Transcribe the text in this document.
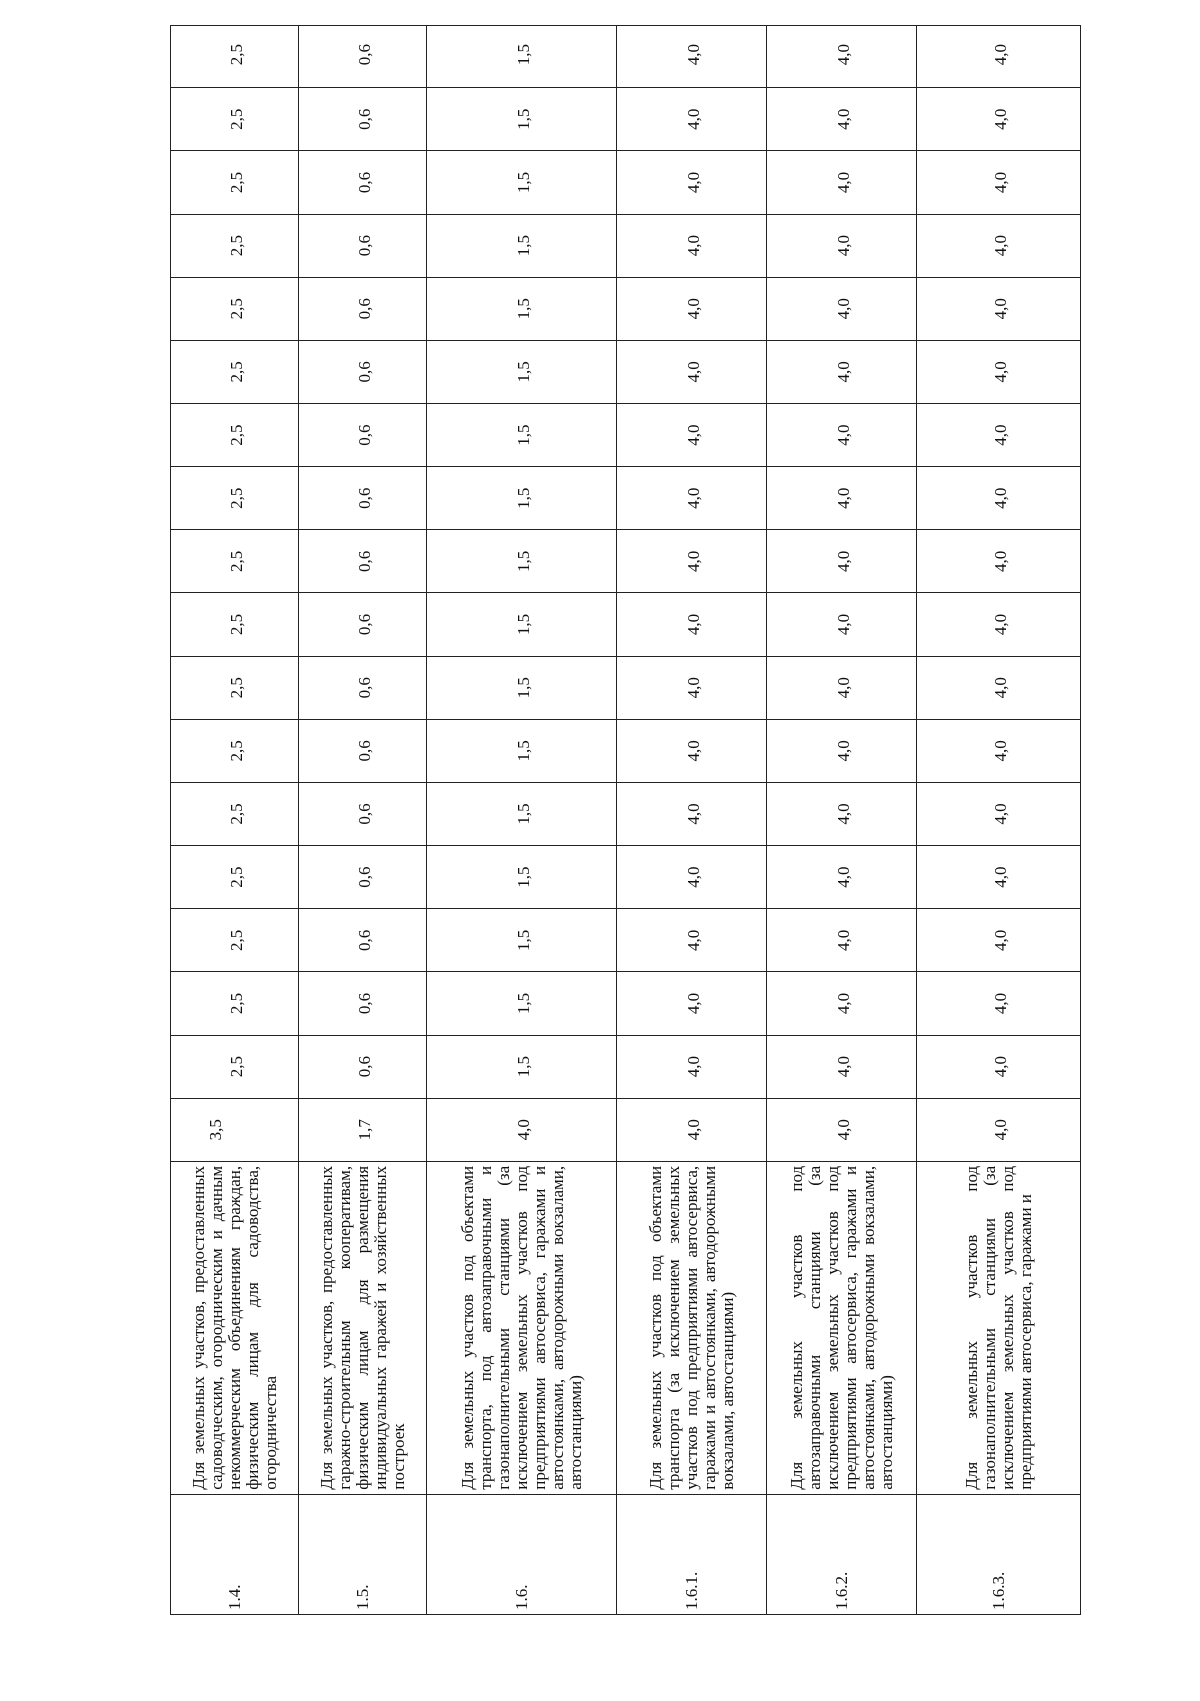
1.4.	Для земельных участков, предоставленных садоводческим, огородническим и дачным некоммерческим объединениям граждан, физическим лицам для садоводства, огородничества	3,5	2,5	2,5	2,5	2,5	2,5	2,5	2,5	2,5	2,5	2,5	2,5	2,5	2,5	2,5	2,5	2,5	2,5
1.5.	Для земельных участков, предоставленных гаражно-строительным кооперативам, физическим лицам для размещения индивидуальных гаражей и хозяйственных построек	1,7	0,6	0,6	0,6	0,6	0,6	0,6	0,6	0,6	0,6	0,6	0,6	0,6	0,6	0,6	0,6	0,6	0,6
1.6.	Для земельных участков под объектами транспорта, под автозаправочными и газонаполнительными станциями (за исключением земельных участков под предприятиями автосервиса, гаражами и автостоянками, автодорожными вокзалами, автостанциями)	4,0	1,5	1,5	1,5	1,5	1,5	1,5	1,5	1,5	1,5	1,5	1,5	1,5	1,5	1,5	1,5	1,5	1,5
1.6.1.	Для земельных участков под объектами транспорта (за исключением земельных участков под предприятиями автосервиса, гаражами и автостоянками, автодорожными вокзалами, автостанциями)	4,0	4,0	4,0	4,0	4,0	4,0	4,0	4,0	4,0	4,0	4,0	4,0	4,0	4,0	4,0	4,0	4,0	4,0
1.6.2.	Для земельных участков под автозаправочными станциями (за исключением земельных участков под предприятиями автосервиса, гаражами и автостоянками, автодорожными вокзалами, автостанциями)	4,0	4,0	4,0	4,0	4,0	4,0	4,0	4,0	4,0	4,0	4,0	4,0	4,0	4,0	4,0	4,0	4,0	4,0
1.6.3.	Для земельных участков под газонаполнительными станциями (за исключением земельных участков под предприятиями автосервиса, гаражами и	4,0	4,0	4,0	4,0	4,0	4,0	4,0	4,0	4,0	4,0	4,0	4,0	4,0	4,0	4,0	4,0	4,0	4,0
